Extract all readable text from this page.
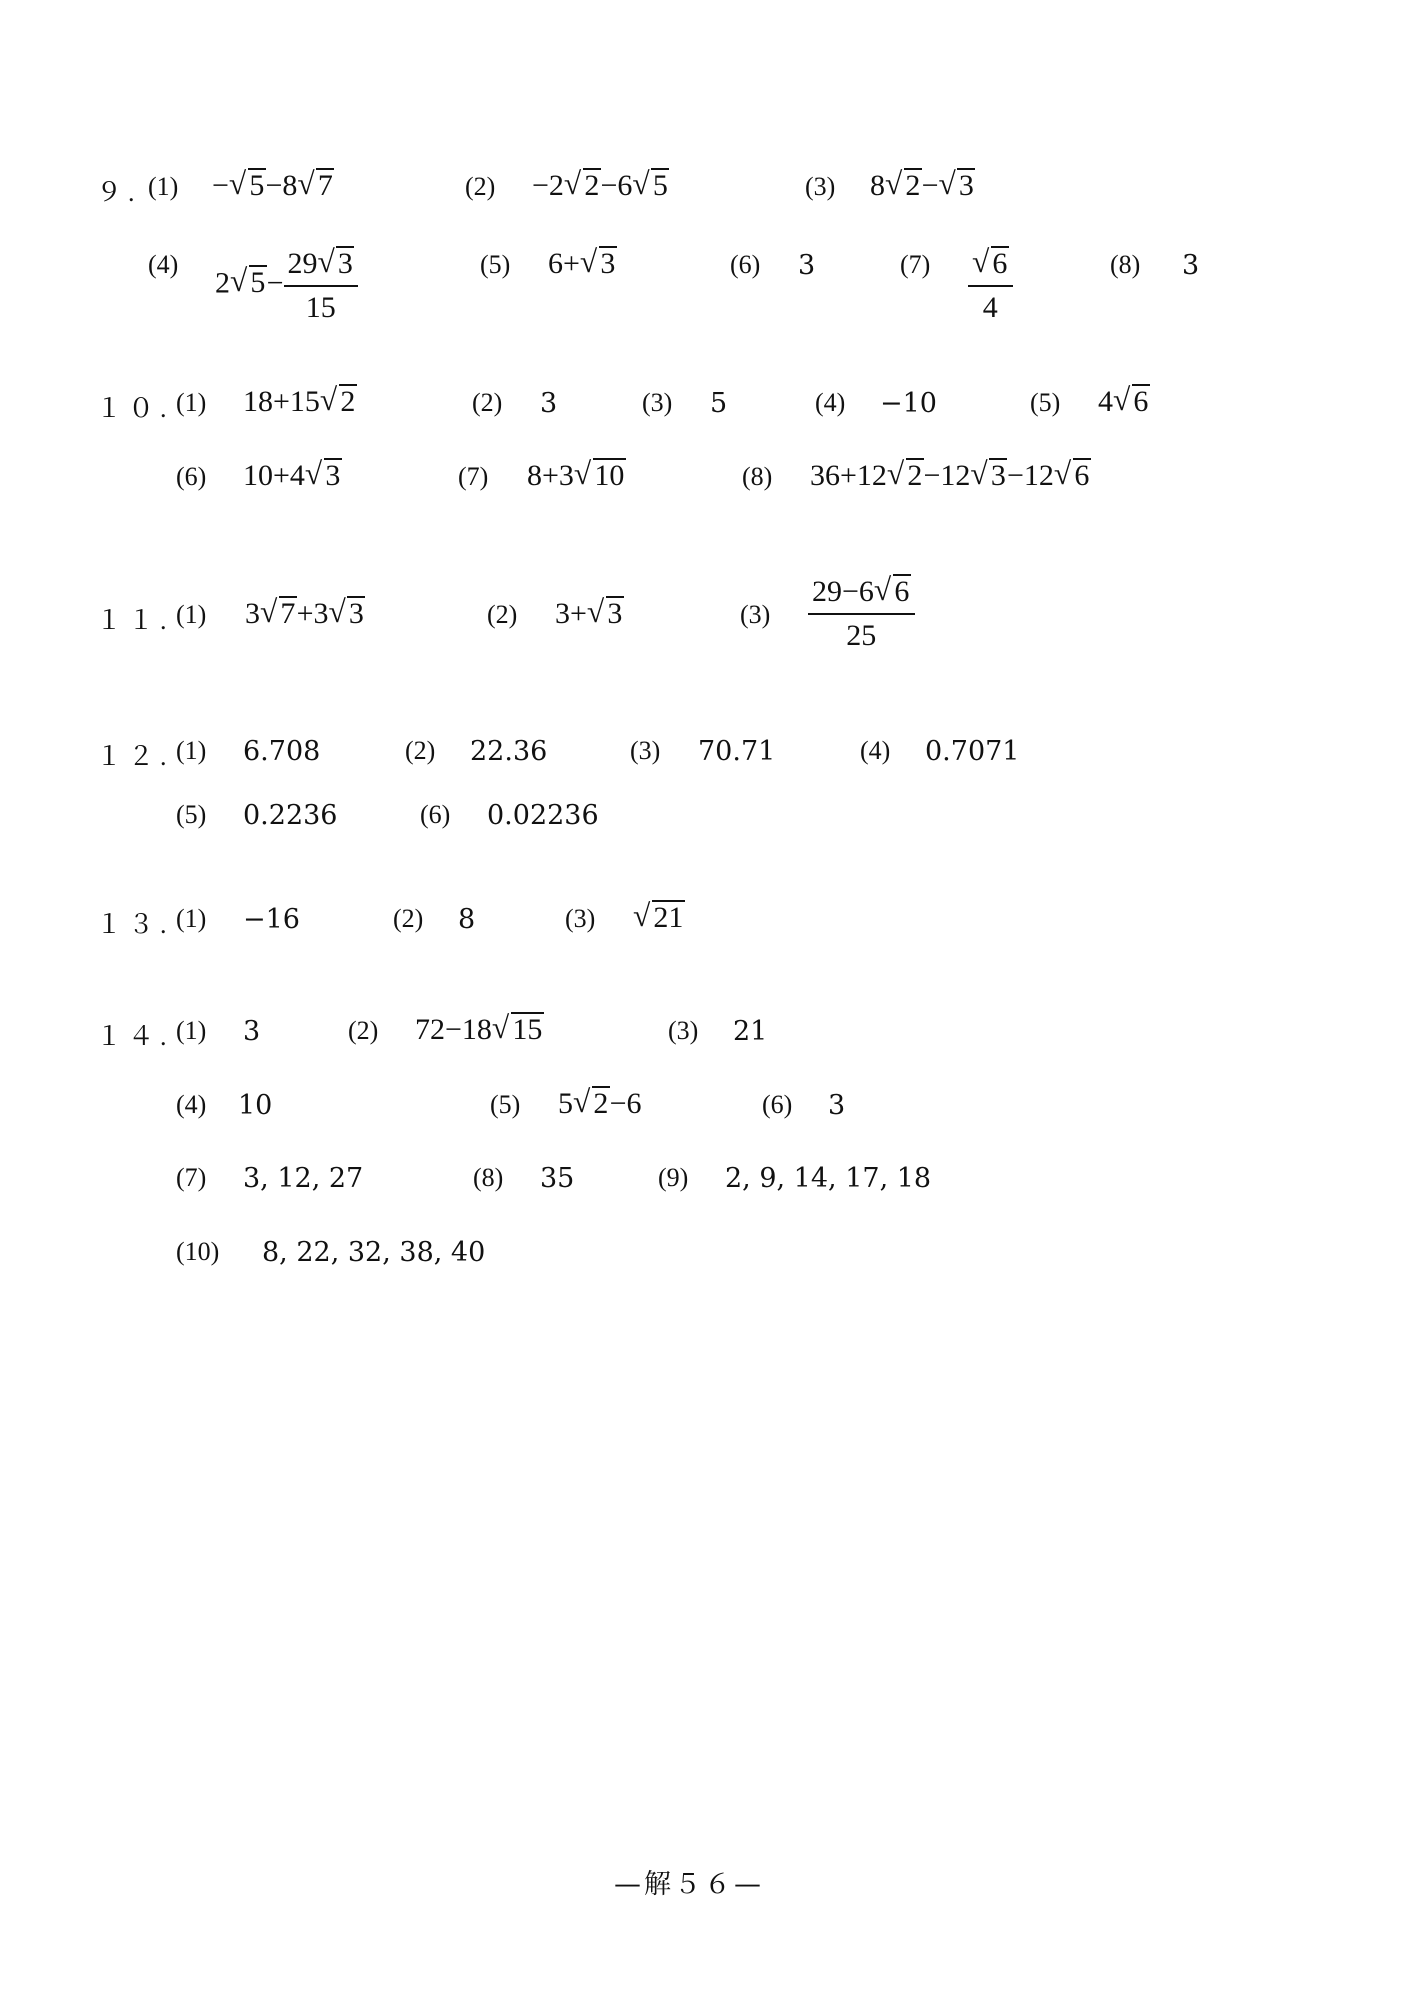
９. (1) − √ 5−8 √ 7	(2) −2 √ 2−6 √ 5	(3) 8 √ 2− √ 3
(4)
2 √ $5- \frac{29 √ 3}{15}$	(5) 6+ √ 3	(6) 3	$(7) \frac{√ 6}{4}$	(8) 3
１０. (1) 18+15 √ 2	(2) 3	(3) 5	(4) −10	(5) 4 √ 6
(6) 10+4 √ 3	(7) 8+3 √ 10	(8) 36+12 √ 2−12 √ 3−12 √ 6
１１. (1) 3 √ 7+3 √ 3	(2) 3+ √ 3	$(3) \frac{29-6 √ 6}{25}$
１２. (1) 6.708	(2) 22.36	(3) 70.71	(4) 0.7071
(5) 0.2236	(6) 0.02236
１３. (1) −16	(2) 8	(3) √ 21
１４. (1) 3	(2) 72−18 √ 15	(3) 21
(4) 10	(5) 5 √ 2−6	(6) 3
(7) 3, 12, 27	(8) 35	(9) 2, 9, 14, 17, 18
(10) 8, 22, 32, 38, 40
—解５６—
